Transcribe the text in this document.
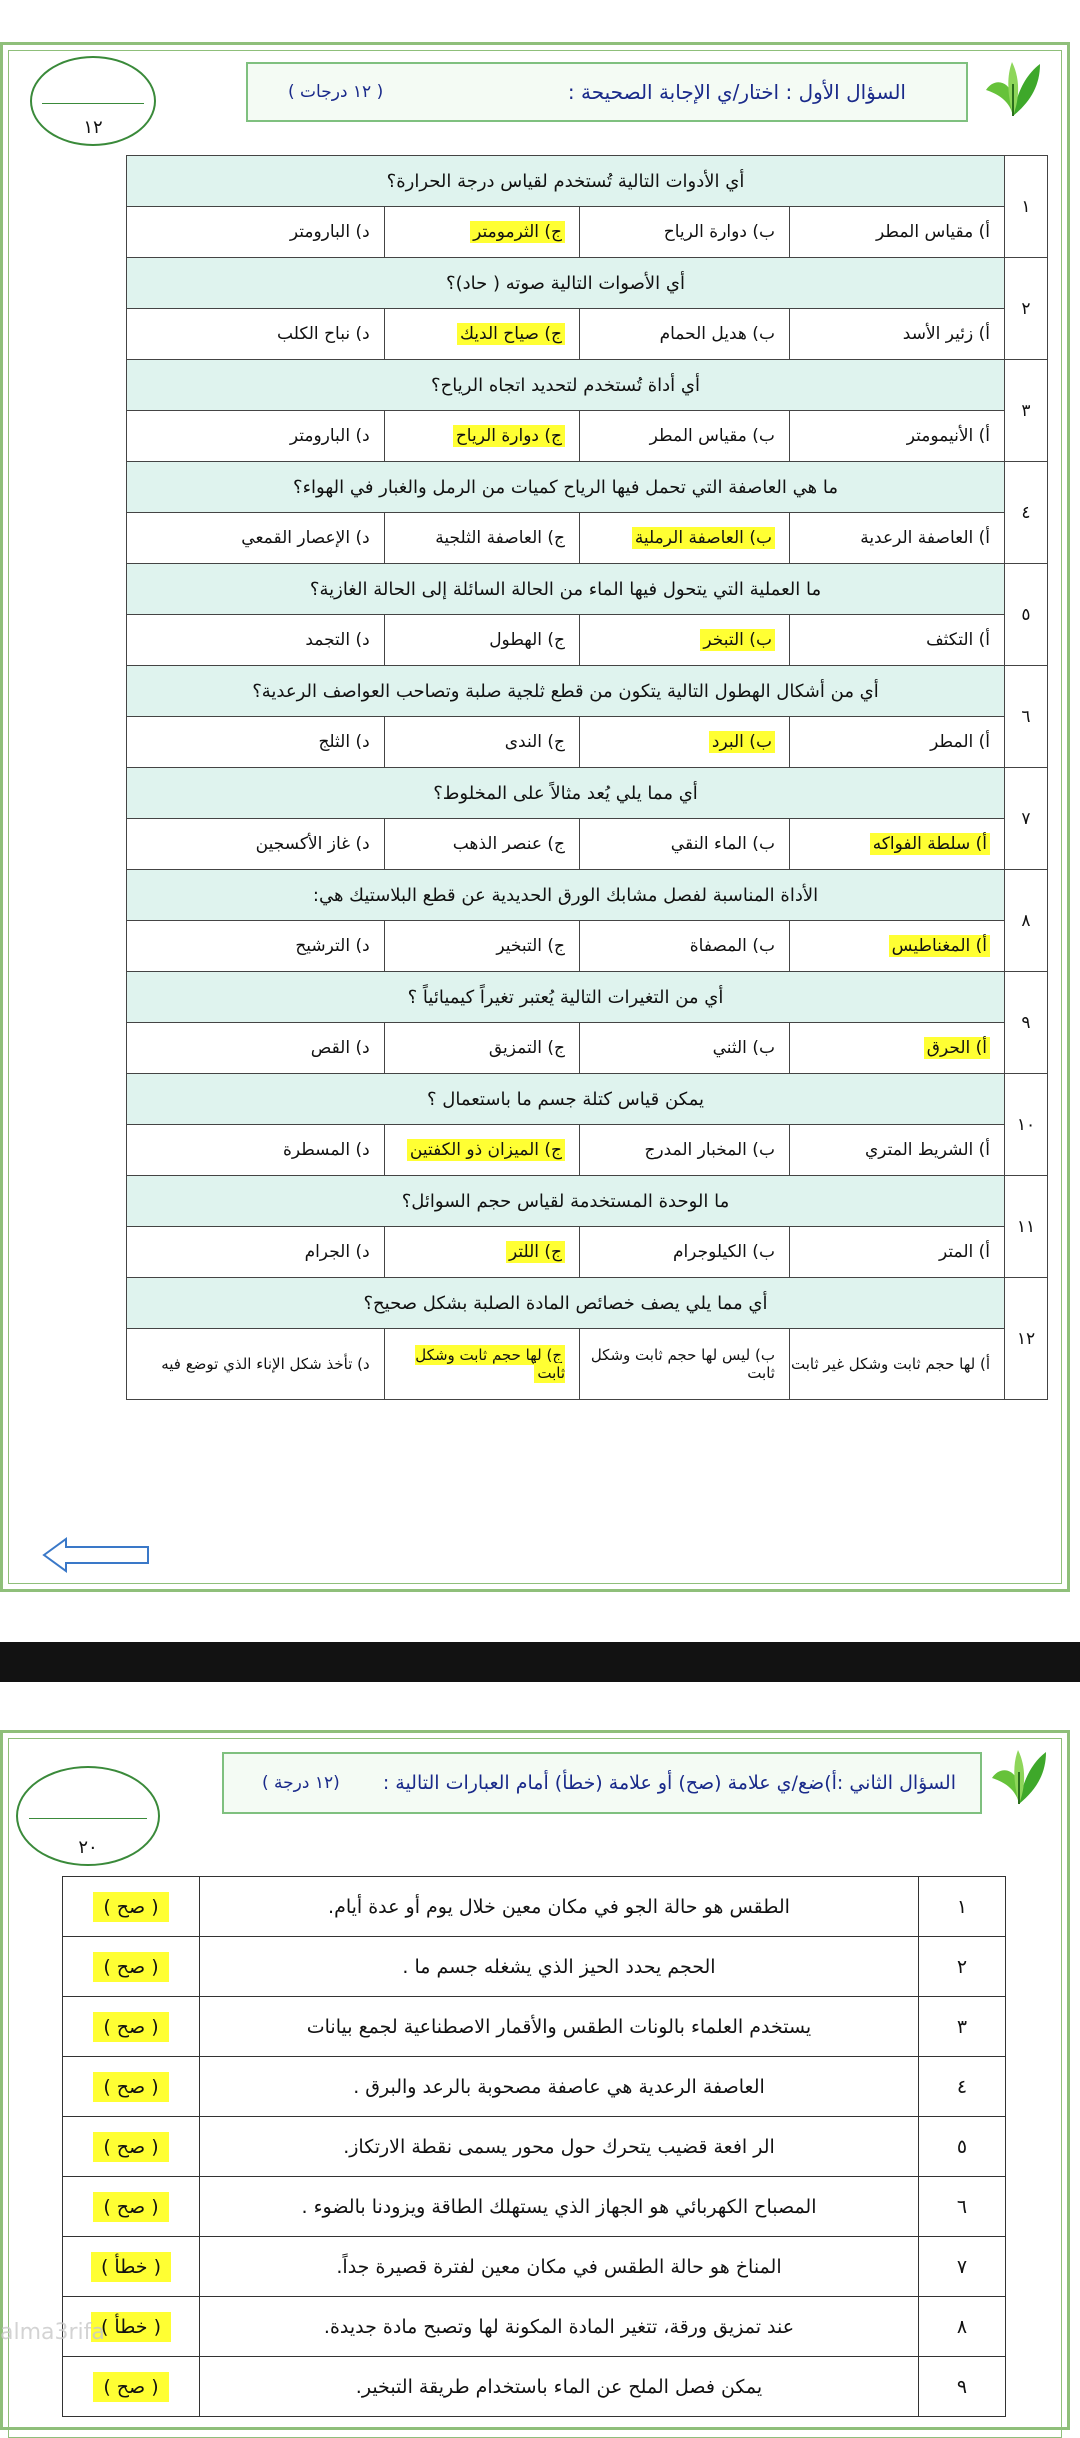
١٢
السؤال الأول : اختار/ي الإجابة الصحيحة :
( ١٢ درجات )
١	أي الأدوات التالية تُستخدم لقياس درجة الحرارة؟			
	أ) مقياس المطر	ب) دوارة الرياح	ج) الثرمومتر	د) البارومتر
٢	أي الأصوات التالية صوته ( حاد)؟			
	أ) زئير الأسد	ب) هديل الحمام	ج) صياح الديك	د) نباح الكلب
٣	أي أداة تُستخدم لتحديد اتجاه الرياح؟			
	أ) الأنيمومتر	ب) مقياس المطر	ج) دوارة الرياح	د) البارومتر
٤	ما هي العاصفة التي تحمل فيها الرياح كميات من الرمل والغبار في الهواء؟			
	أ) العاصفة الرعدية	ب) العاصفة الرملية	ج) العاصفة الثلجية	د) الإعصار القمعي
٥	ما العملية التي يتحول فيها الماء من الحالة السائلة إلى الحالة الغازية؟			
	أ) التكثف	ب) التبخر	ج) الهطول	د) التجمد
٦	أي من أشكال الهطول التالية يتكون من قطع ثلجية صلبة وتصاحب العواصف الرعدية؟			
	أ) المطر	ب) البرد	ج) الندى	د) الثلج
٧	أي مما يلي يُعد مثالاً على المخلوط؟			
	أ) سلطة الفواكه	ب) الماء النقي	ج) عنصر الذهب	د) غاز الأكسجين
٨	الأداة المناسبة لفصل مشابك الورق الحديدية عن قطع البلاستيك هي:			
	أ) المغناطيس	ب) المصفاة	ج) التبخير	د) الترشيح
٩	أي من التغيرات التالية يُعتبر تغيراً كيميائياً ؟			
	أ) الحرق	ب) الثني	ج) التمزيق	د) القص
١٠	يمكن قياس كتلة جسم ما باستعمال ؟			
	أ) الشريط المتري	ب) المخبار المدرج	ج) الميزان ذو الكفتين	د) المسطرة
١١	ما الوحدة المستخدمة لقياس حجم السوائل؟			
	أ) المتر	ب) الكيلوجرام	ج) اللتر	د) الجرام
١٢	أي مما يلي يصف خصائص المادة الصلبة بشكل صحيح؟			
	أ) لها حجم ثابت وشكل غير ثابت	ب) ليس لها حجم ثابت وشكل ثابت	ج) لها حجم ثابت وشكل ثابت	د) تأخذ شكل الإناء الذي توضع فيه
٢٠
السؤال الثاني :أ)ضع/ي علامة (صح) أو علامة (خطأ) أمام العبارات التالية :
(١٢ درجة )
١	الطقس هو حالة الجو في مكان معين خلال يوم أو عدة أيام.	( صح )
٢	الحجم يحدد الحيز الذي يشغله جسم ما .	( صح )
٣	يستخدم العلماء بالونات الطقس والأقمار الاصطناعية لجمع بيانات	( صح )
٤	العاصفة الرعدية هي عاصفة مصحوبة بالرعد والبرق .	( صح )
٥	الر افعة قضيب يتحرك حول محور يسمى نقطة الارتكاز.	( صح )
٦	المصباح الكهربائي هو الجهاز الذي يستهلك الطاقة ويزودنا بالضوء .	( صح )
٧	المناخ هو حالة الطقس في مكان معين لفترة قصيرة جداً.	( خطأ )
٨	عند تمزيق ورقة، تتغير المادة المكونة لها وتصبح مادة جديدة.	( خطأ )
٩	يمكن فصل الملح عن الماء باستخدام طريقة التبخير.	( صح )
alma3rifa
